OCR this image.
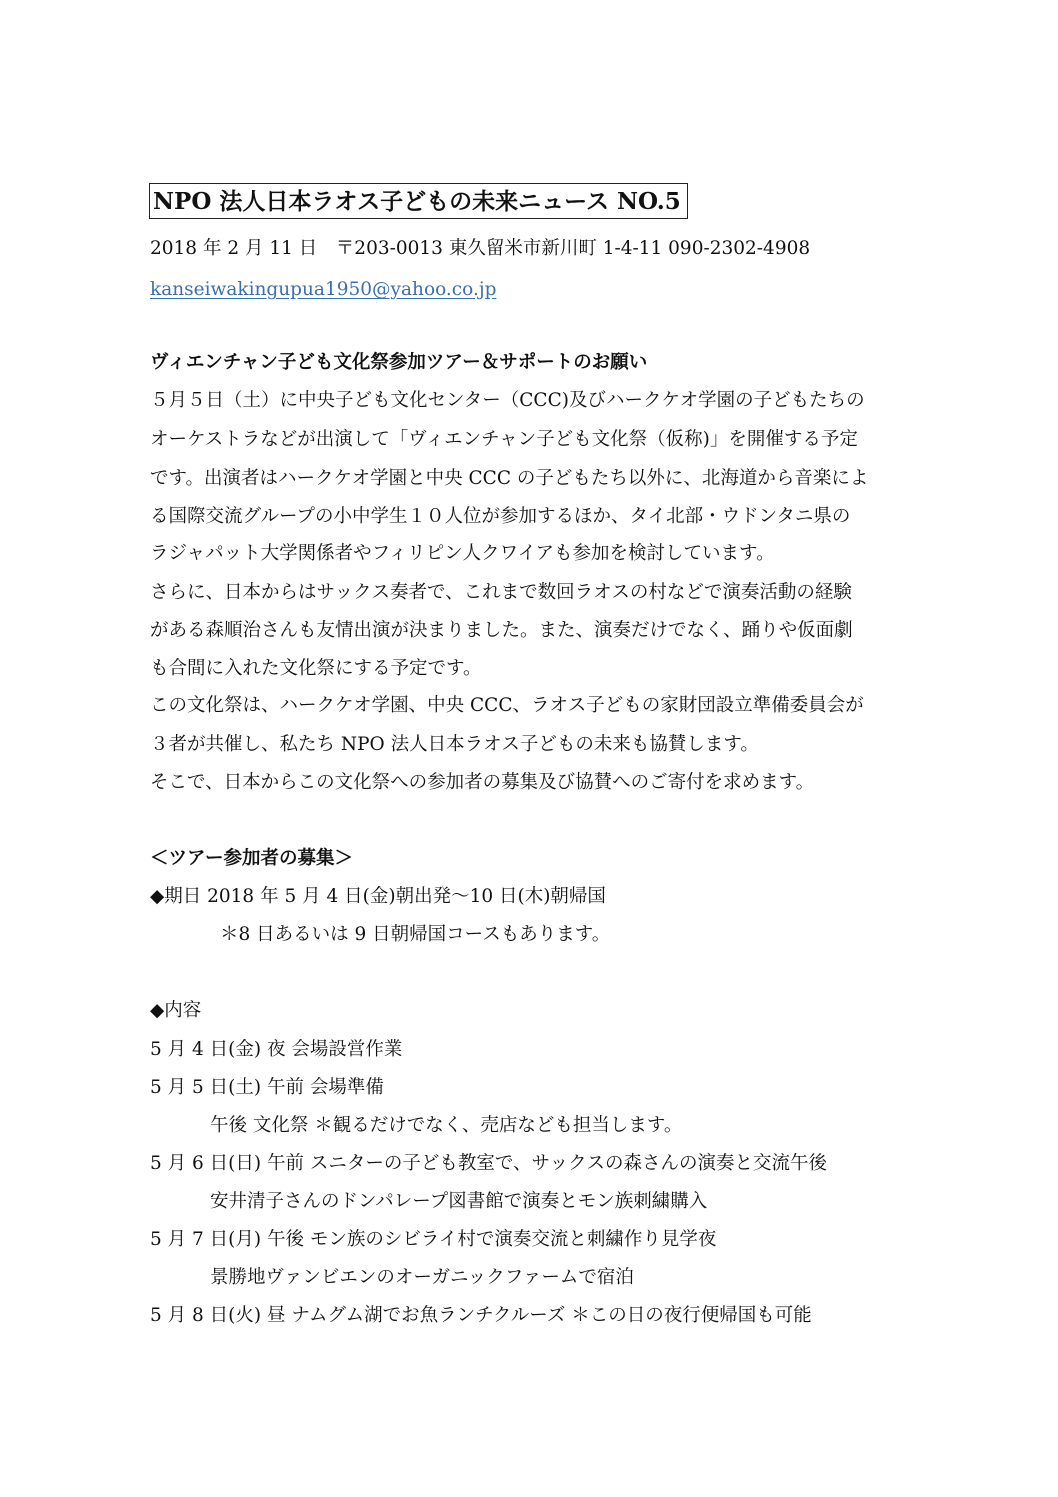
NPO 法人日本ラオス子どもの未来ニュース NO.5

2018 年 2 月 11 日　〒203-0013 東久留米市新川町 1-4-11 090-2302-4908

kanseiwakingupua1950@yahoo.co.jp

ヴィエンチャン子ども文化祭参加ツアー＆サポートのお願い

５月５日（土）に中央子ども文化センター（CCC)及びハークケオ学園の子どもたちの

オーケストラなどが出演して「ヴィエンチャン子ども文化祭（仮称)」を開催する予定

です。出演者はハークケオ学園と中央 CCC の子どもたち以外に、北海道から音楽によ

る国際交流グループの小中学生１０人位が参加するほか、タイ北部・ウドンタニ県の

ラジャパット大学関係者やフィリピン人クワイアも参加を検討しています。

さらに、日本からはサックス奏者で、これまで数回ラオスの村などで演奏活動の経験

がある森順治さんも友情出演が決まりました。また、演奏だけでなく、踊りや仮面劇

も合間に入れた文化祭にする予定です。

この文化祭は、ハークケオ学園、中央 CCC、ラオス子どもの家財団設立準備委員会が

３者が共催し、私たち NPO 法人日本ラオス子どもの未来も協賛します。

そこで、日本からこの文化祭への参加者の募集及び協賛へのご寄付を求めます。

＜ツアー参加者の募集＞

◆期日 2018 年 5 月 4 日(金)朝出発～10 日(木)朝帰国

＊8 日あるいは 9 日朝帰国コースもあります。

◆内容

5 月 4 日(金) 夜 会場設営作業

5 月 5 日(土) 午前 会場準備

午後 文化祭 ＊観るだけでなく、売店なども担当します。

5 月 6 日(日) 午前 スニターの子ども教室で、サックスの森さんの演奏と交流午後

安井清子さんのドンパレープ図書館で演奏とモン族刺繍購入

5 月 7 日(月) 午後 モン族のシビライ村で演奏交流と刺繍作り見学夜

景勝地ヴァンビエンのオーガニックファームで宿泊

5 月 8 日(火) 昼 ナムグム湖でお魚ランチクルーズ ＊この日の夜行便帰国も可能
